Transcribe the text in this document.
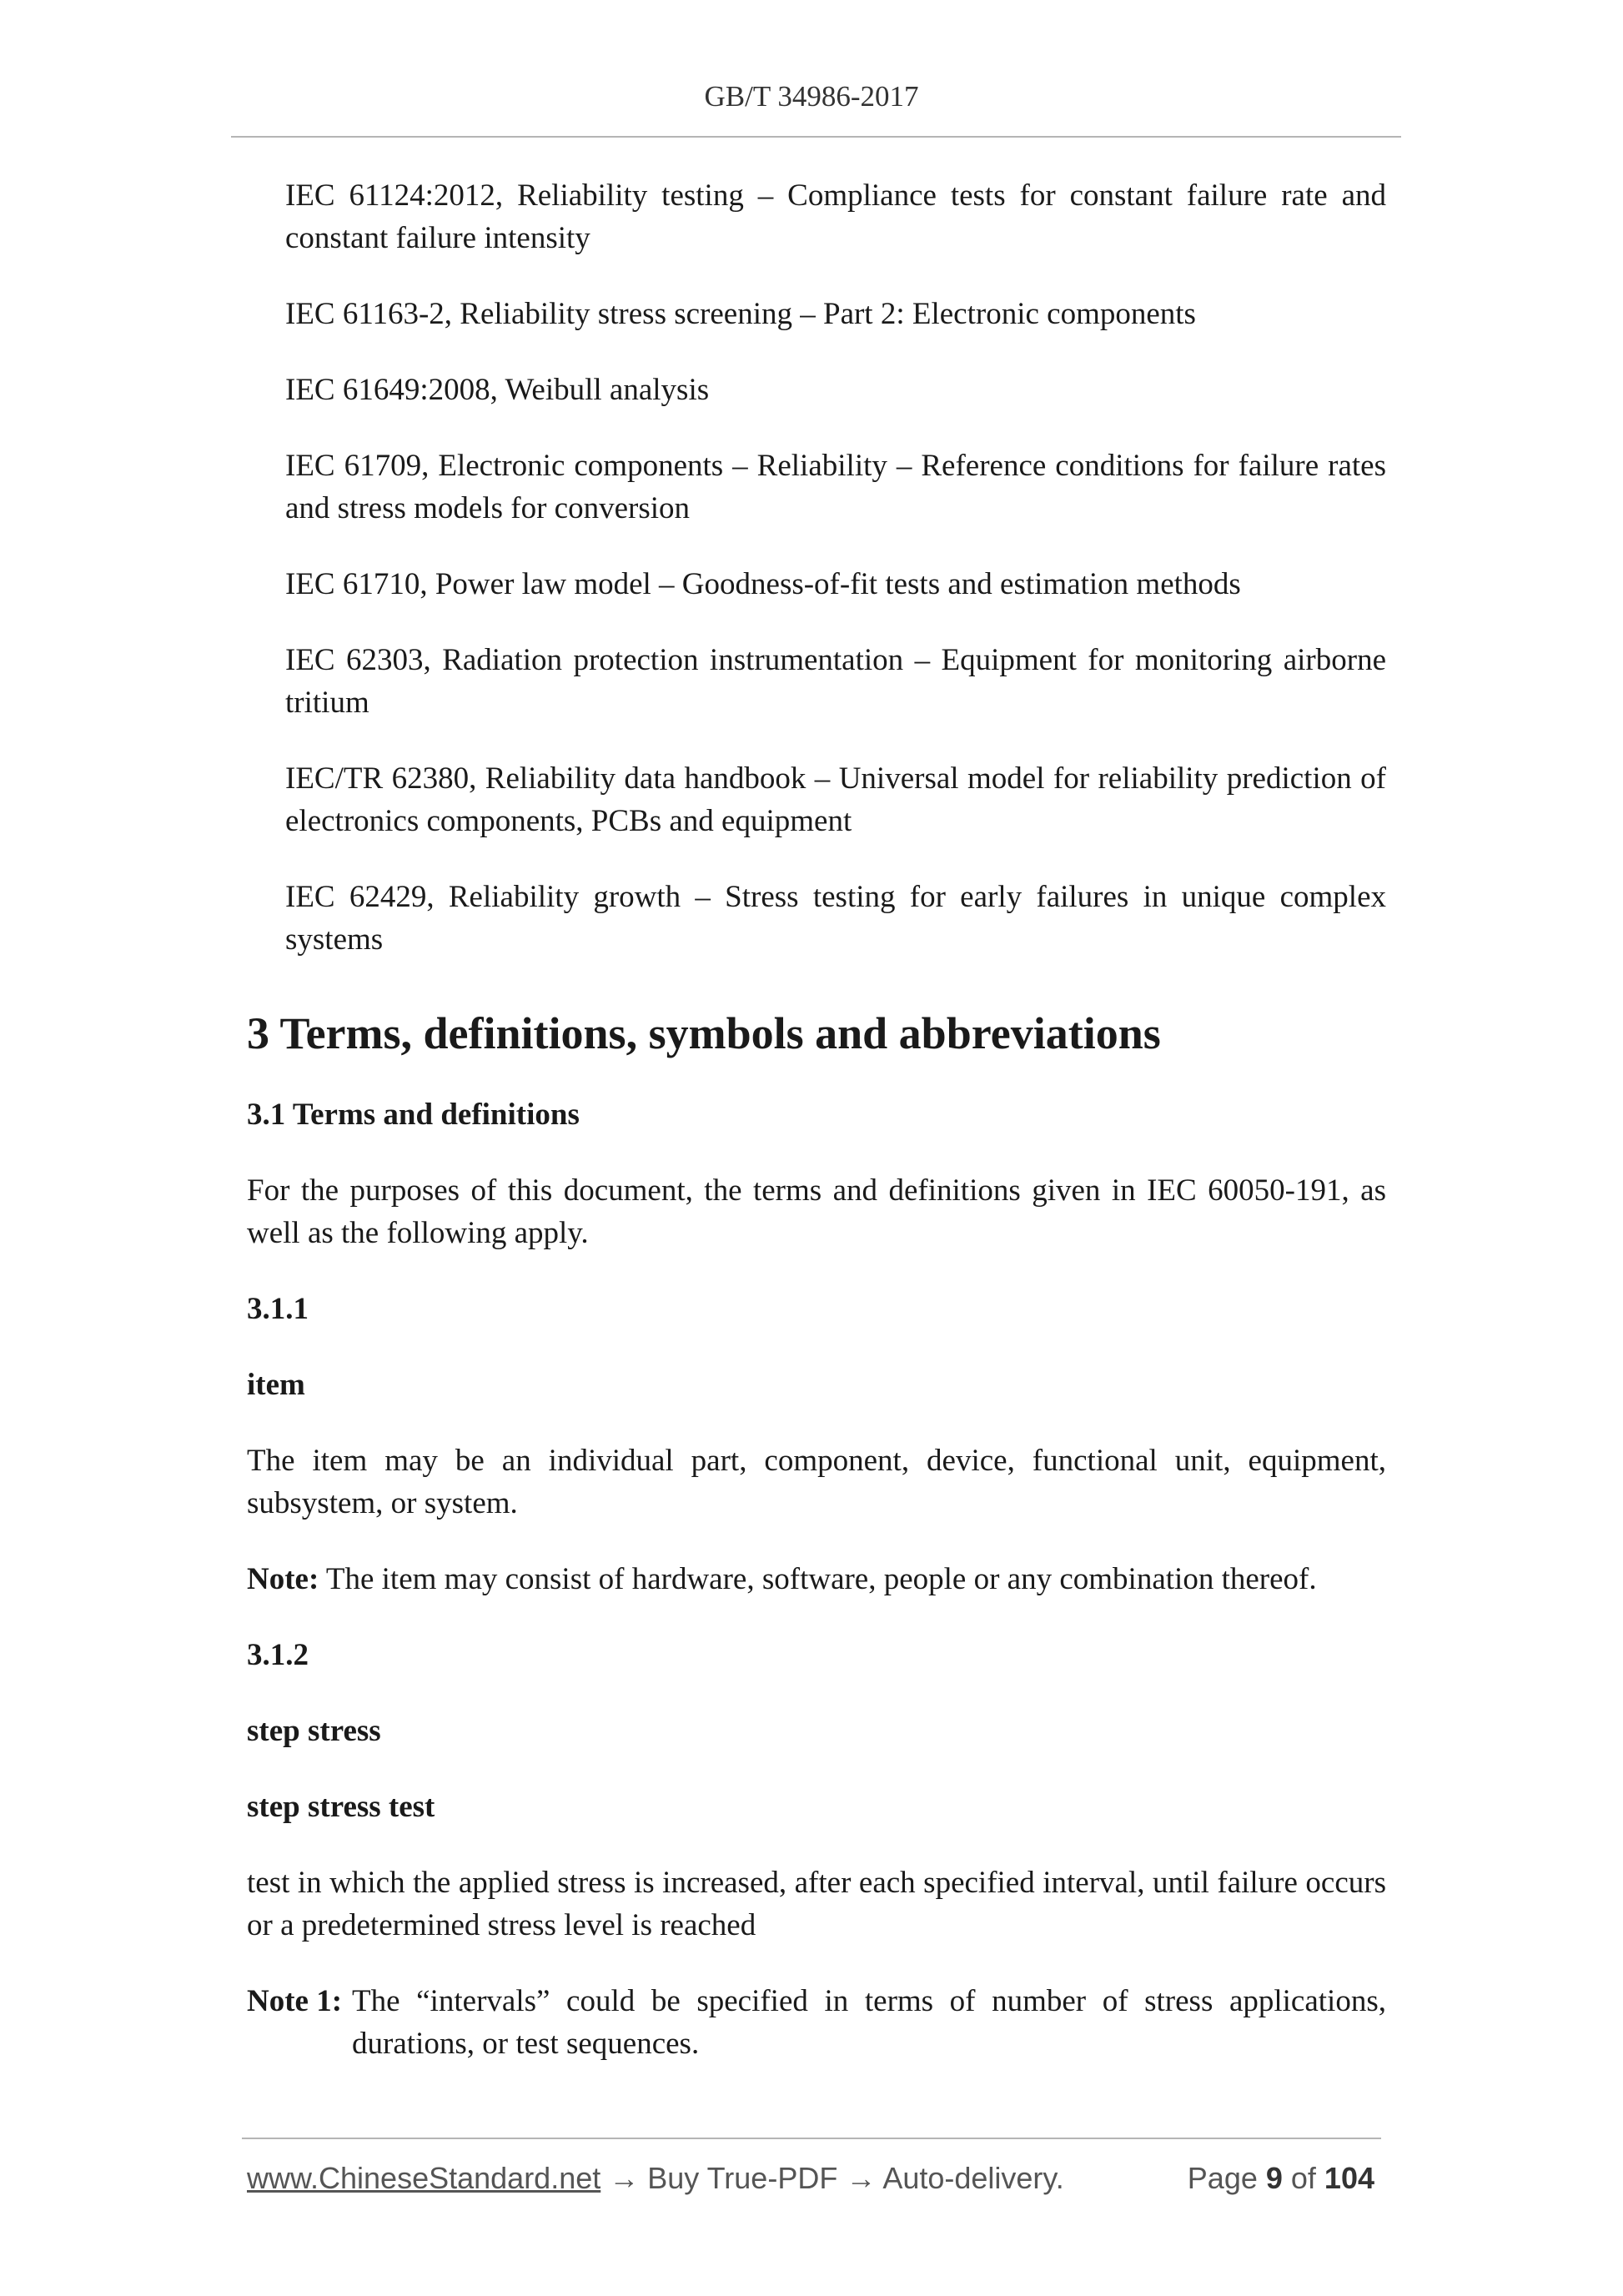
GB/T 34986-2017

IEC 61124:2012, Reliability testing – Compliance tests for constant failure rate and constant failure intensity

IEC 61163-2, Reliability stress screening – Part 2: Electronic components

IEC 61649:2008, Weibull analysis

IEC 61709, Electronic components – Reliability – Reference conditions for failure rates and stress models for conversion

IEC 61710, Power law model – Goodness-of-fit tests and estimation methods

IEC 62303, Radiation protection instrumentation – Equipment for monitoring airborne tritium

IEC/TR 62380, Reliability data handbook – Universal model for reliability prediction of electronics components, PCBs and equipment

IEC 62429, Reliability growth – Stress testing for early failures in unique complex systems

3 Terms, definitions, symbols and abbreviations
3.1 Terms and definitions

For the purposes of this document, the terms and definitions given in IEC 60050-191, as well as the following apply.

3.1.1

item

The item may be an individual part, component, device, functional unit, equipment, subsystem, or system.

Note: The item may consist of hardware, software, people or any combination thereof.

3.1.2

step stress

step stress test

test in which the applied stress is increased, after each specified interval, until failure occurs or a predetermined stress level is reached

Note 1: The “intervals” could be specified in terms of number of stress applications, durations, or test sequences.
www.ChineseStandard.net → Buy True-PDF → Auto-delivery.	Page 9 of 104
